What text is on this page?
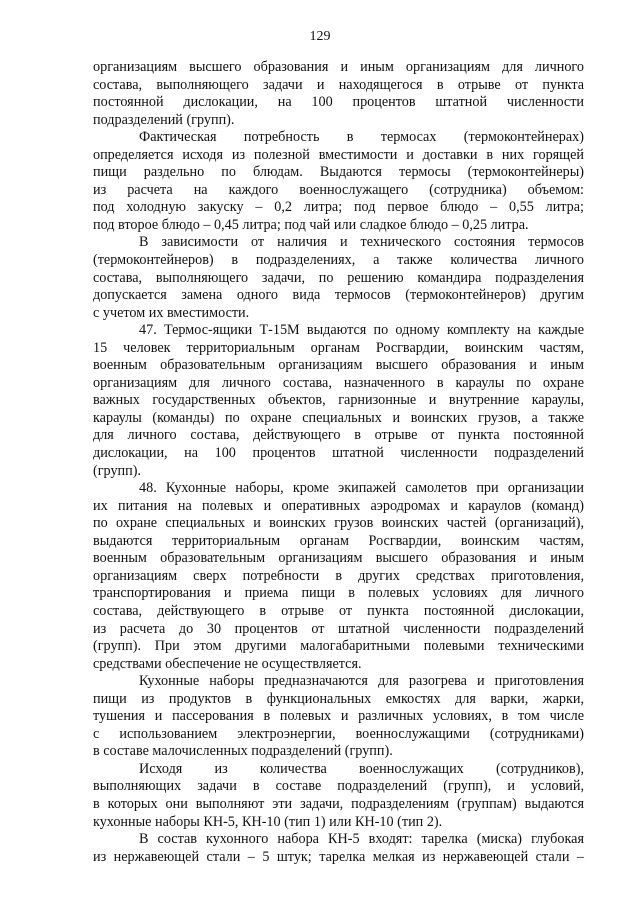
129
организациям высшего образования и иным организациям для личного
состава, выполняющего задачи и находящегося в отрыве от пункта
постоянной дислокации, на 100 процентов штатной численности
подразделений (групп).
Фактическая потребность в термосах (термоконтейнерах)
определяется исходя из полезной вместимости и доставки в них горящей
пищи раздельно по блюдам. Выдаются термосы (термоконтейнеры)
из расчета на каждого военнослужащего (сотрудника) объемом:
под холодную закуску – 0,2 литра; под первое блюдо – 0,55 литра;
под второе блюдо – 0,45 литра; под чай или сладкое блюдо – 0,25 литра.
В зависимости от наличия и технического состояния термосов
(термоконтейнеров) в подразделениях, а также количества личного
состава, выполняющего задачи, по решению командира подразделения
допускается замена одного вида термосов (термоконтейнеров) другим
с учетом их вместимости.
47. Термос-ящики Т-15М выдаются по одному комплекту на каждые
15 человек территориальным органам Росгвардии, воинским частям,
военным образовательным организациям высшего образования и иным
организациям для личного состава, назначенного в караулы по охране
важных государственных объектов, гарнизонные и внутренние караулы,
караулы (команды) по охране специальных и воинских грузов, а также
для личного состава, действующего в отрыве от пункта постоянной
дислокации, на 100 процентов штатной численности подразделений
(групп).
48. Кухонные наборы, кроме экипажей самолетов при организации
их питания на полевых и оперативных аэродромах и караулов (команд)
по охране специальных и воинских грузов воинских частей (организаций),
выдаются территориальным органам Росгвардии, воинским частям,
военным образовательным организациям высшего образования и иным
организациям сверх потребности в других средствах приготовления,
транспортирования и приема пищи в полевых условиях для личного
состава, действующего в отрыве от пункта постоянной дислокации,
из расчета до 30 процентов от штатной численности подразделений
(групп). При этом другими малогабаритными полевыми техническими
средствами обеспечение не осуществляется.
Кухонные наборы предназначаются для разогрева и приготовления
пищи из продуктов в функциональных емкостях для варки, жарки,
тушения и пассерования в полевых и различных условиях, в том числе
с использованием электроэнергии, военнослужащими (сотрудниками)
в составе малочисленных подразделений (групп).
Исходя из количества военнослужащих (сотрудников),
выполняющих задачи в составе подразделений (групп), и условий,
в которых они выполняют эти задачи, подразделениям (группам) выдаются
кухонные наборы КН-5, КН-10 (тип 1) или КН-10 (тип 2).
В состав кухонного набора КН-5 входят: тарелка (миска) глубокая
из нержавеющей стали – 5 штук; тарелка мелкая из нержавеющей стали –
